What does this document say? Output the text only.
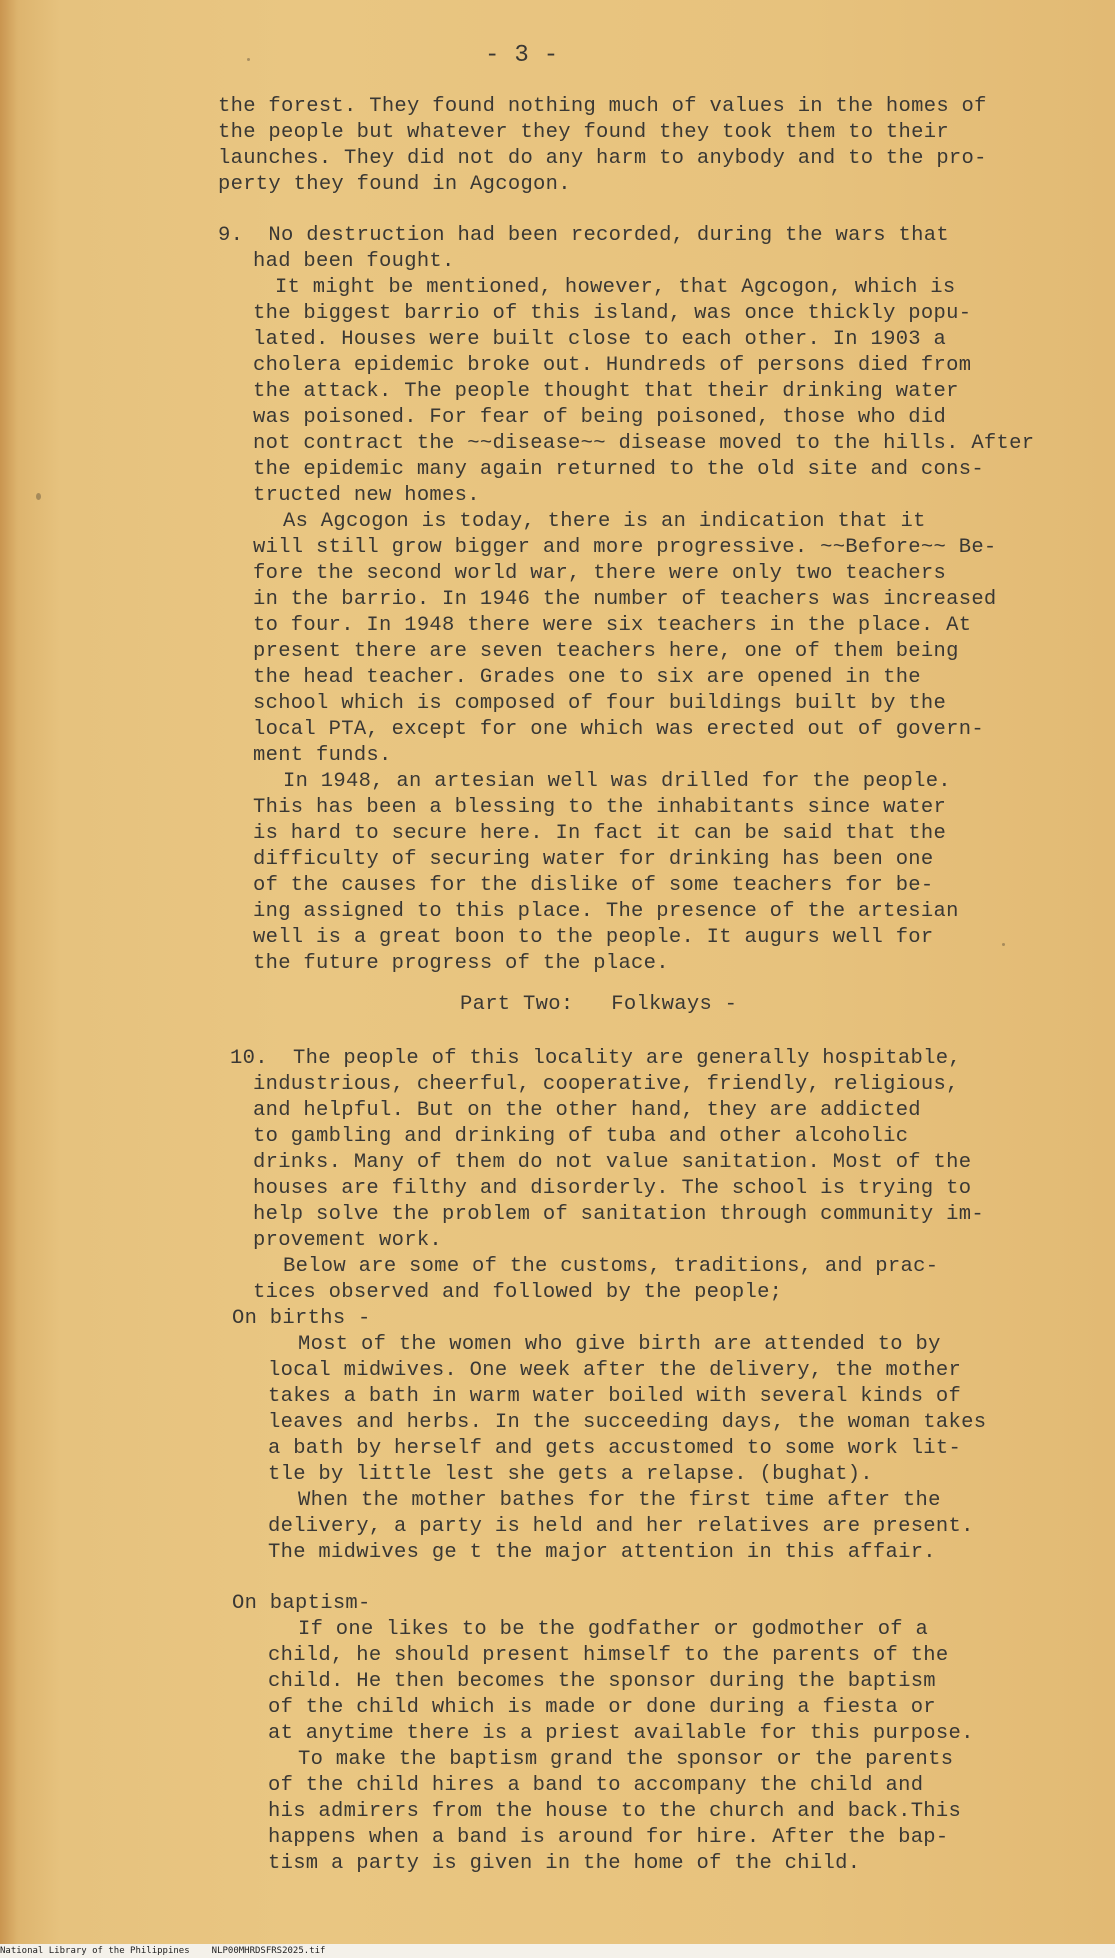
- 3 -
the forest. They found nothing much of values in the homes of
the people but whatever they found they took them to their
launches. They did not do any harm to anybody and to the pro-
perty they found in Agcogon.
9.  No destruction had been recorded, during the wars that
had been fought.
It might be mentioned, however, that Agcogon, which is
the biggest barrio of this island, was once thickly popu-
lated. Houses were built close to each other. In 1903 a
cholera epidemic broke out. Hundreds of persons died from
the attack. The people thought that their drinking water
was poisoned. For fear of being poisoned, those who did
not contract the ~~disease~~ disease moved to the hills. After
the epidemic many again returned to the old site and cons-
tructed new homes.
As Agcogon is today, there is an indication that it
will still grow bigger and more progressive. ~~Before~~ Be-
fore the second world war, there were only two teachers
in the barrio. In 1946 the number of teachers was increased
to four. In 1948 there were six teachers in the place. At
present there are seven teachers here, one of them being
the head teacher. Grades one to six are opened in the
school which is composed of four buildings built by the
local PTA, except for one which was erected out of govern-
ment funds.
In 1948, an artesian well was drilled for the people.
This has been a blessing to the inhabitants since water
is hard to secure here. In fact it can be said that the
difficulty of securing water for drinking has been one
of the causes for the dislike of some teachers for be-
ing assigned to this place. The presence of the artesian
well is a great boon to the people. It augurs well for
the future progress of the place.
Part Two:   Folkways -
10.  The people of this locality are generally hospitable,
industrious, cheerful, cooperative, friendly, religious,
and helpful. But on the other hand, they are addicted
to gambling and drinking of tuba and other alcoholic
drinks. Many of them do not value sanitation. Most of the
houses are filthy and disorderly. The school is trying to
help solve the problem of sanitation through community im-
provement work.
Below are some of the customs, traditions, and prac-
tices observed and followed by the people;
On births -
Most of the women who give birth are attended to by
local midwives. One week after the delivery, the mother
takes a bath in warm water boiled with several kinds of
leaves and herbs. In the succeeding days, the woman takes
a bath by herself and gets accustomed to some work lit-
tle by little lest she gets a relapse. (bughat).
When the mother bathes for the first time after the
delivery, a party is held and her relatives are present.
The midwives ge t the major attention in this affair.
On baptism-
If one likes to be the godfather or godmother of a
child, he should present himself to the parents of the
child. He then becomes the sponsor during the baptism
of the child which is made or done during a fiesta or
at anytime there is a priest available for this purpose.
To make the baptism grand the sponsor or the parents
of the child hires a band to accompany the child and
his admirers from the house to the church and back.This
happens when a band is around for hire. After the bap-
tism a party is given in the home of the child.
National Library of the Philippines NLP00MHRDSFRS2025.tif
